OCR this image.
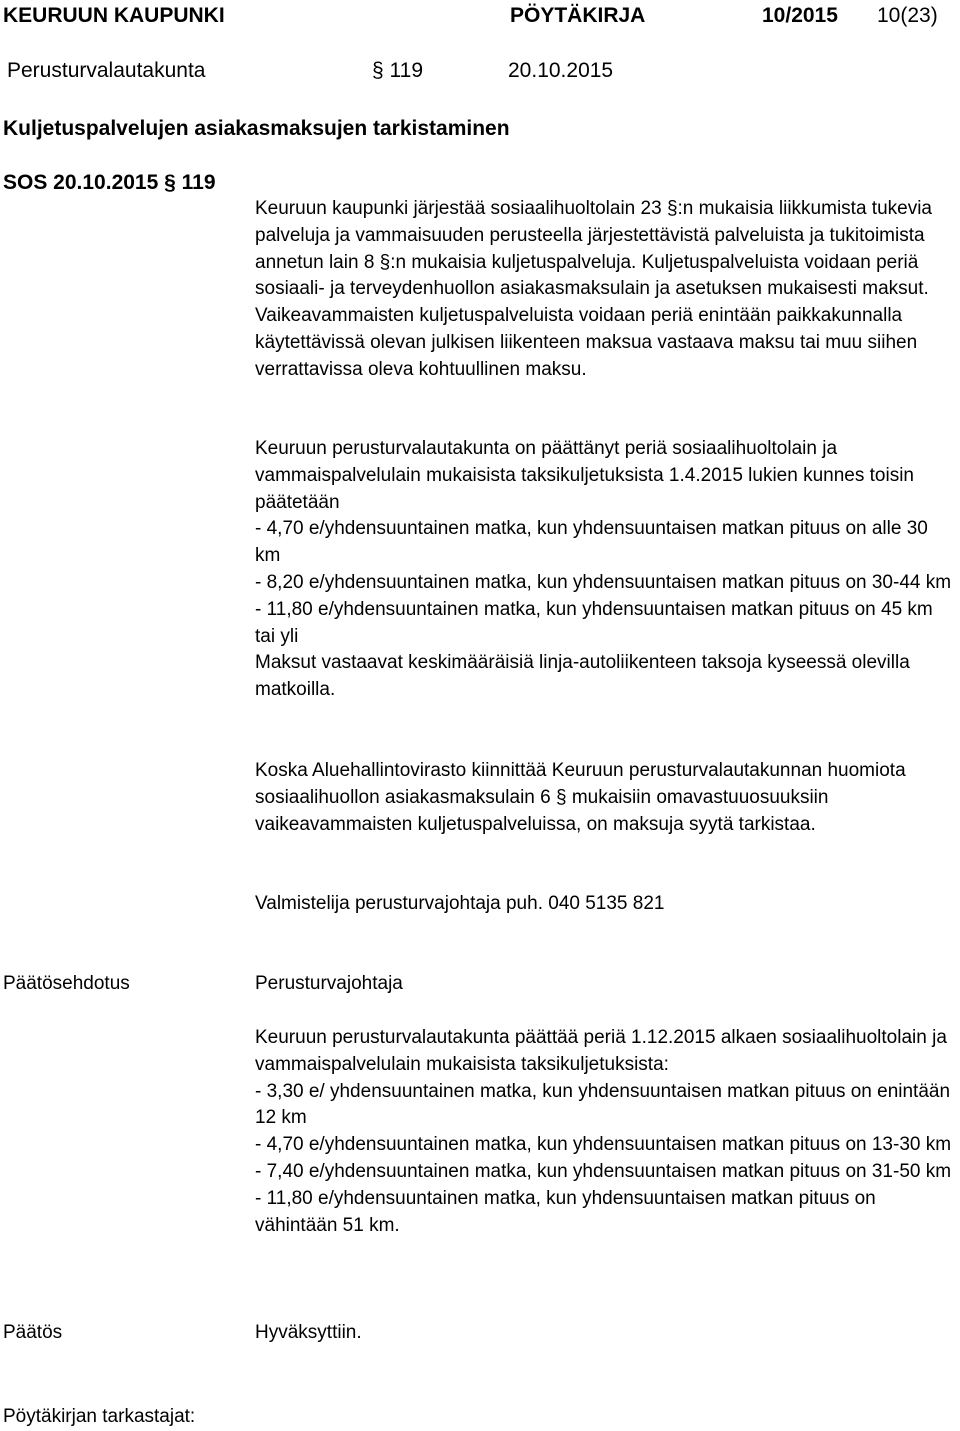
KEURUUN KAUPUNKI	PÖYTÄKIRJA	10/2015 10(23)
Perusturvalautakunta	§ 119	20.10.2015
Kuljetuspalvelujen asiakasmaksujen tarkistaminen
SOS 20.10.2015 § 119

Keuruun kaupunki järjestää sosiaalihuoltolain 23 §:n mukaisia liikkumista tukevia palveluja ja vammaisuuden perusteella järjestettävistä palveluista ja tukitoimista annetun lain 8 §:n mukaisia kuljetuspalveluja. Kuljetuspalveluista voidaan periä sosiaali- ja terveydenhuollon asiakasmaksulain ja asetuksen mukaisesti maksut. Vaikeavammaisten kuljetuspalveluista voidaan periä enintään paikkakunnalla käytettävissä olevan julkisen liikenteen maksua vastaava maksu tai muu siihen verrattavissa oleva kohtuullinen maksu.

Keuruun perusturvalautakunta on päättänyt periä sosiaalihuoltolain ja vammaispalvelulain mukaisista taksikuljetuksista 1.4.2015 lukien kunnes toisin päätetään

- 4,70 e/yhdensuuntainen matka, kun yhdensuuntaisen matkan pituus on alle 30 km

- 8,20 e/yhdensuuntainen matka, kun yhdensuuntaisen matkan pituus on 30-44 km

- 11,80 e/yhdensuuntainen matka, kun yhdensuuntaisen matkan pituus on 45 km tai yli

Maksut vastaavat keskimääräisiä linja-autoliikenteen taksoja kyseessä olevilla matkoilla.

Koska Aluehallintovirasto kiinnittää Keuruun perusturvalautakunnan huomiota sosiaalihuollon asiakasmaksulain 6 § mukaisiin omavastuuosuuksiin vaikeavammaisten kuljetuspalveluissa, on maksuja syytä tarkistaa.

Valmistelija perusturvajohtaja puh. 040 5135 821
Päätösehdotus	Perusturvajohtaja

Keuruun perusturvalautakunta päättää periä 1.12.2015 alkaen sosiaalihuoltolain ja vammaispalvelulain mukaisista taksikuljetuksista:

- 3,30 e/ yhdensuuntainen matka, kun yhdensuuntaisen matkan pituus on enintään 12 km

- 4,70 e/yhdensuuntainen matka, kun yhdensuuntaisen matkan pituus on 13-30 km

- 7,40 e/yhdensuuntainen matka, kun yhdensuuntaisen matkan pituus on 31-50 km

- 11,80 e/yhdensuuntainen matka, kun yhdensuuntaisen matkan pituus on vähintään 51 km.

Päätös	Hyväksyttiin.
Pöytäkirjan tarkastajat:
